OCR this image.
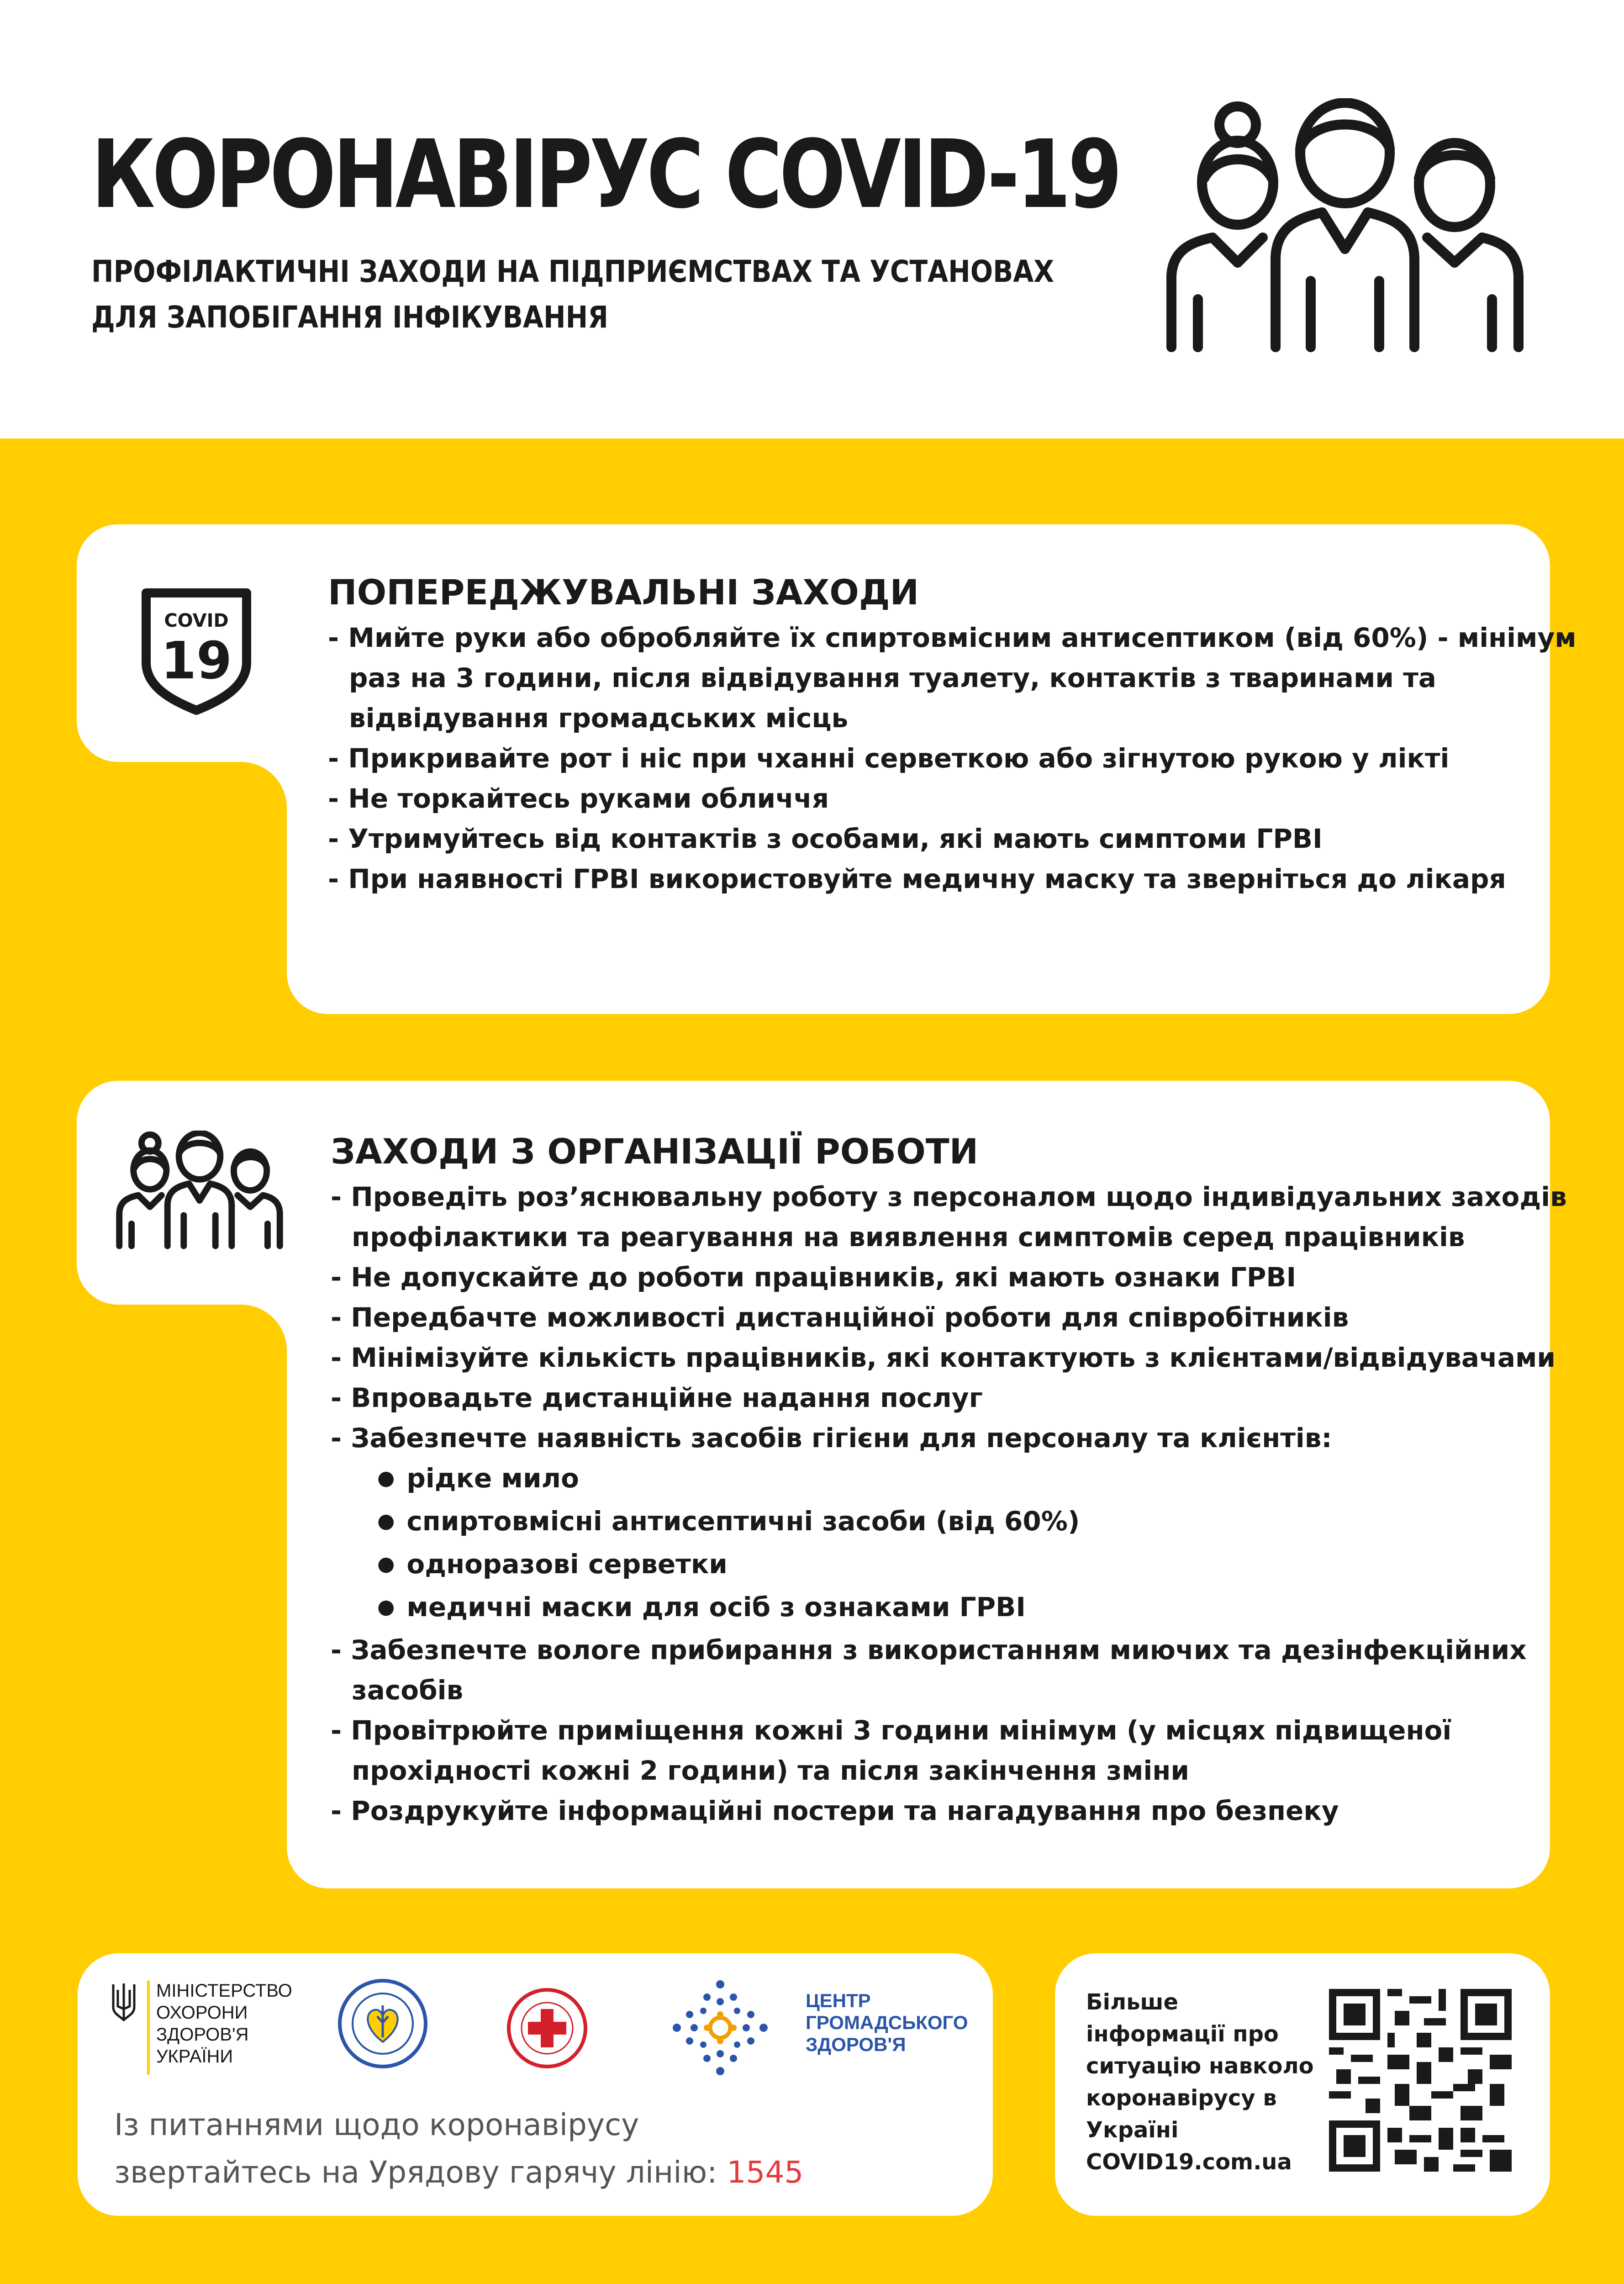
КОРОНАВІРУС COVID-19
ПРОФІЛАКТИЧНІ ЗАХОДИ НА ПІДПРИЄМСТВАХ ТА УСТАНОВАХ
ДЛЯ ЗАПОБІГАННЯ ІНФІКУВАННЯ
COVID
19
ПОПЕРЕДЖУВАЛЬНІ ЗАХОДИ
- Мийте руки або обробляйте їх спиртовмісним антисептиком (від 60%) - мінімум
раз на 3 години, після відвідування туалету, контактів з тваринами та
відвідування громадських місць
- Прикривайте рот і ніс при чханні серветкою або зігнутою рукою у лікті
- Не торкайтесь руками обличчя
- Утримуйтесь від контактів з особами, які мають симптоми ГРВІ
- При наявності ГРВІ використовуйте медичну маску та зверніться до лікаря
ЗАХОДИ З ОРГАНІЗАЦІЇ РОБОТИ
- Проведіть роз’яснювальну роботу з персоналом щодо індивідуальних заходів
профілактики та реагування на виявлення симптомів серед працівників
- Не допускайте до роботи працівників, які мають ознаки ГРВІ
- Передбачте можливості дистанційної роботи для співробітників
- Мінімізуйте кількість працівників, які контактують з клієнтами/відвідувачами
- Впровадьте дистанційне надання послуг
- Забезпечте наявність засобів гігієни для персоналу та клієнтів:
● рідке мило
● спиртовмісні антисептичні засоби (від 60%)
● одноразові серветки
● медичні маски для осіб з ознаками ГРВІ
- Забезпечте вологе прибирання з використанням миючих та дезінфекційних
засобів
- Провітрюйте приміщення кожні 3 години мінімум (у місцях підвищеної
прохідності кожні 2 години) та після закінчення зміни
- Роздрукуйте інформаційні постери та нагадування про безпеку
МІНІСТЕРСТВО
ОХОРОНИ
ЗДОРОВ'Я
УКРАЇНИ
ЦЕНТР
ГРОМАДСЬКОГО
ЗДОРОВ'Я
Із питаннями щодо коронавірусу
звертайтесь на Урядову гарячу лінію: 1545
Більше
інформації про
ситуацію навколо
коронавірусу в
Україні
COVID19.com.ua
